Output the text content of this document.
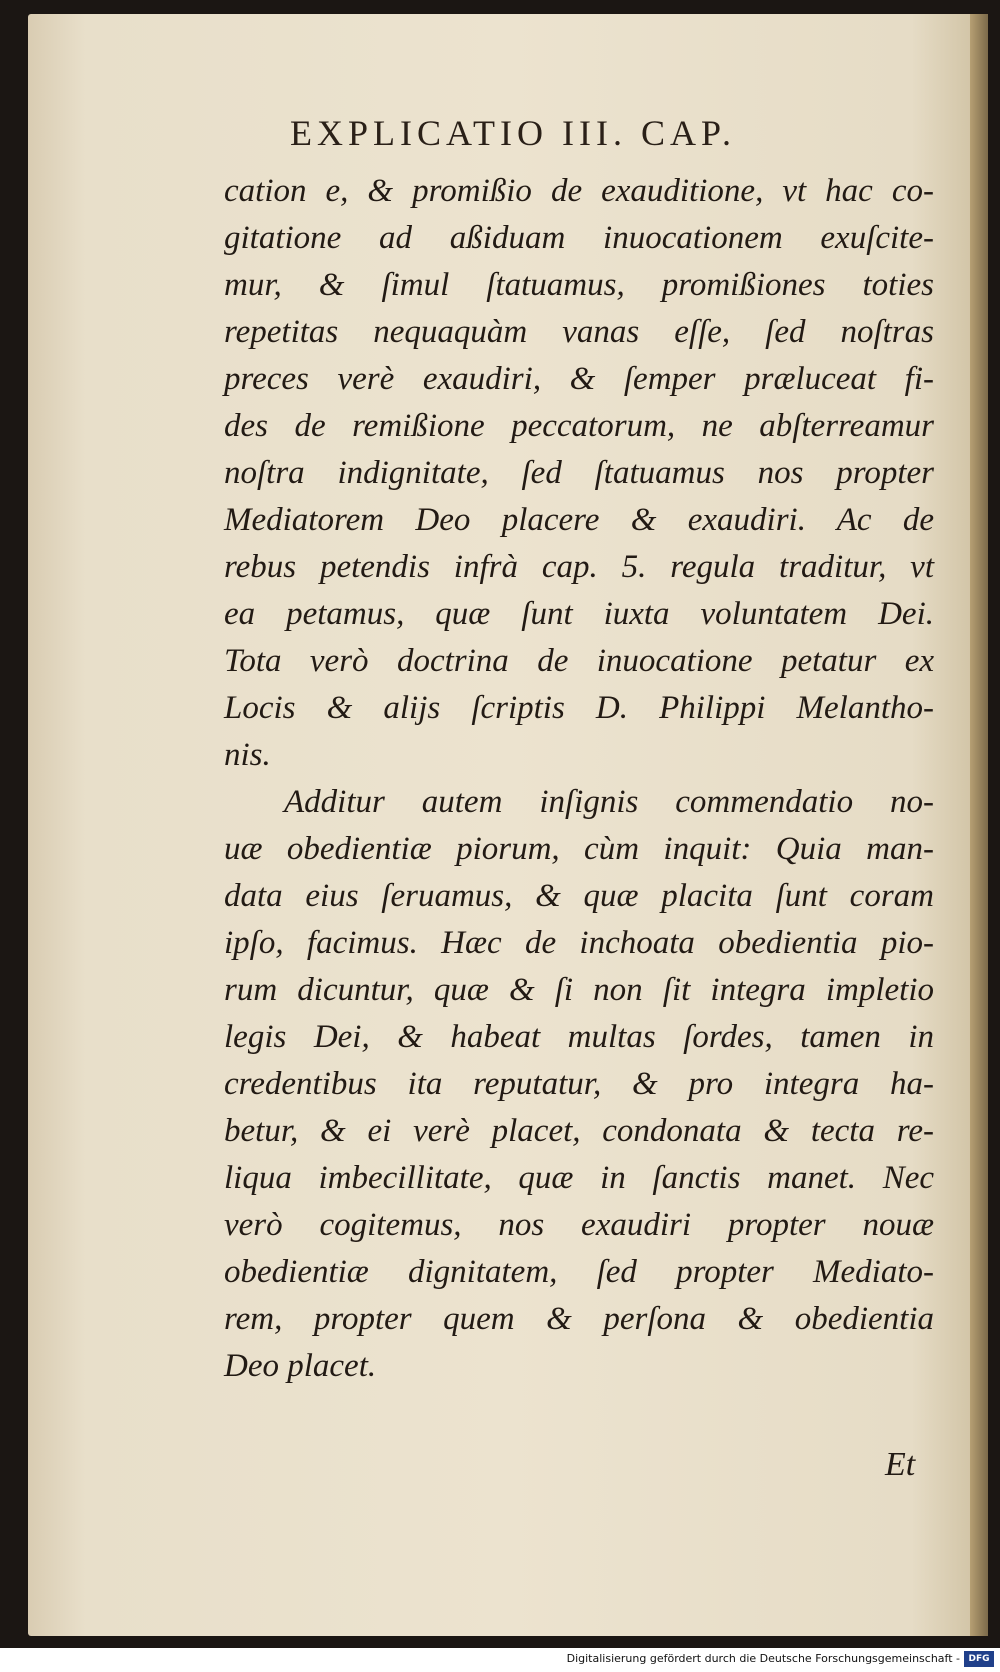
EXPLICATIO III. CAP.
cation e, & promißio de exauditione, vt hac co-
gitatione ad aßiduam inuocationem exuſcite-
mur, & ſimul ſtatuamus, promißiones toties
repetitas nequaquàm vanas eſſe, ſed noſtras
preces verè exaudiri, & ſemper præluceat fi-
des de remißione peccatorum, ne abſterreamur
noſtra indignitate, ſed ſtatuamus nos propter
Mediatorem Deo placere & exaudiri. Ac de
rebus petendis infrà cap. 5. regula traditur, vt
ea petamus, quæ ſunt iuxta voluntatem Dei.
Tota verò doctrina de inuocatione petatur ex
Locis & alijs ſcriptis D. Philippi Melantho-
nis.
Additur autem inſignis commendatio no-
uæ obedientiæ piorum, cùm inquit: Quia man-
data eius ſeruamus, & quæ placita ſunt coram
ipſo, facimus. Hæc de inchoata obedientia pio-
rum dicuntur, quæ & ſi non ſit integra impletio
legis Dei, & habeat multas ſordes, tamen in
credentibus ita reputatur, & pro integra ha-
betur, & ei verè placet, condonata & tecta re-
liqua imbecillitate, quæ in ſanctis manet. Nec
verò cogitemus, nos exaudiri propter nouæ
obedientiæ dignitatem, ſed propter Mediato-
rem, propter quem & perſona & obedientia
Deo placet.
Et
Digitalisierung gefördert durch die Deutsche Forschungsgemeinschaft - DFG
